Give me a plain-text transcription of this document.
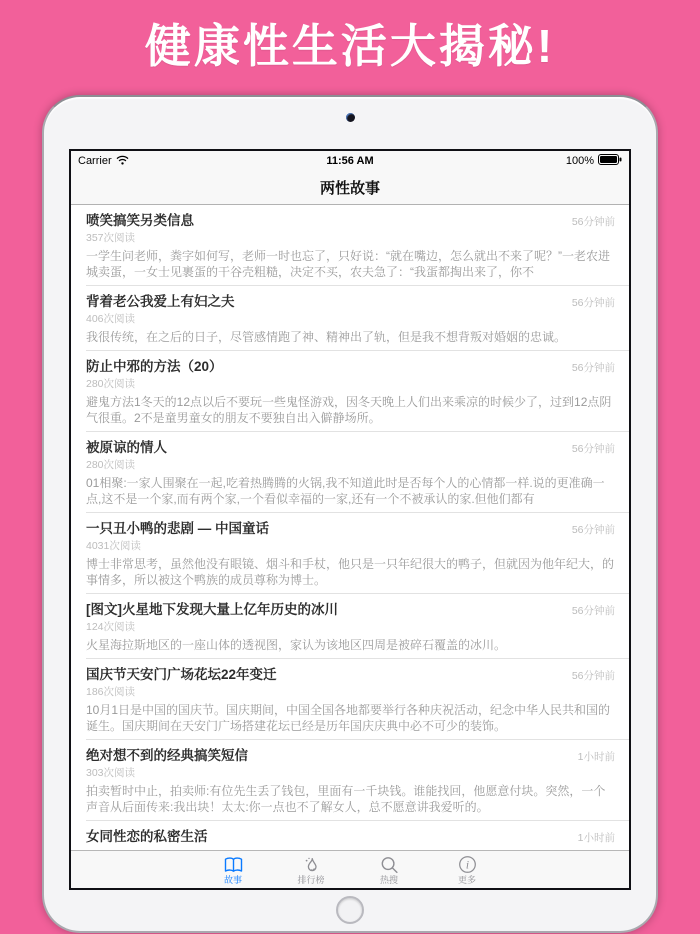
健康性生活大揭秘!
11:56 AM
Carrier	100%
两性故事
喷笑搞笑另类信息	56分钟前
357次阅读
一学生问老师，粪字如何写，老师一时也忘了，只好说：“就在嘴边，怎么就出不来了呢？”一老农进城卖蛋，一女士见裹蛋的干谷壳粗糙，决定不买，农夫急了：“我蛋都掏出来了，你不
背着老公我爱上有妇之夫	56分钟前
406次阅读
我很传统，在之后的日子，尽管感情跑了神、精神出了轨，但是我不想背叛对婚姻的忠诚。
防止中邪的方法（20）	56分钟前
280次阅读
避鬼方法1冬天的12点以后不要玩一些鬼怪游戏，因冬天晚上人们出来乘凉的时候少了，过到12点阴气很重。2不是童男童女的朋友不要独自出入僻静场所。
被原谅的情人	56分钟前
280次阅读
01相聚:一家人围聚在一起,吃着热腾腾的火锅,我不知道此时是否每个人的心情都一样.说的更准确一点,这不是一个家,而有两个家,一个看似幸福的一家,还有一个不被承认的家.但他们都有
一只丑小鸭的悲剧 — 中国童话	56分钟前
4031次阅读
博士非常思考，虽然他没有眼镜、烟斗和手杖，他只是一只年纪很大的鸭子，但就因为他年纪大，的事情多，所以被这个鸭族的成员尊称为博士。
[图文]火星地下发现大量上亿年历史的冰川	56分钟前
124次阅读
火星海拉斯地区的一座山体的透视图，家认为该地区四周是被碎石覆盖的冰川。
国庆节天安门广场花坛22年变迁	56分钟前
186次阅读
10月1日是中国的国庆节。国庆期间，中国全国各地都要举行各种庆祝活动，纪念中华人民共和国的诞生。国庆期间在天安门广场搭建花坛已经是历年国庆庆典中必不可少的装饰。
绝对想不到的经典搞笑短信	1小时前
303次阅读
拍卖暂时中止，拍卖师:有位先生丢了钱包，里面有一千块钱。谁能找回，他愿意付块。突然，一个声音从后面传来:我出块！太太:你一点也不了解女人，总不愿意讲我爱听的。
女同性恋的私密生活	1小时前
故事	排行榜	热搜
i
更多
